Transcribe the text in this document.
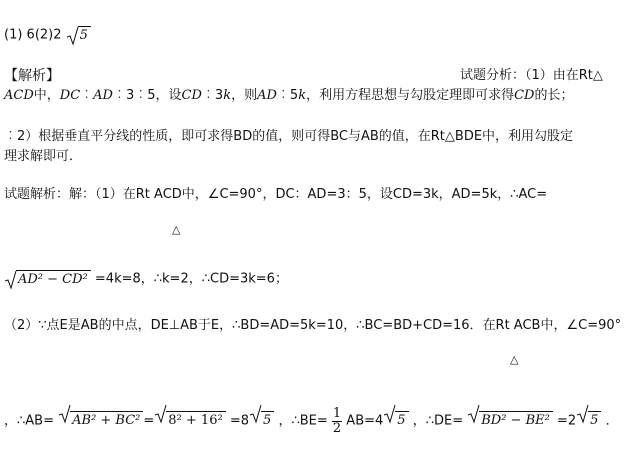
(1) 6(2)2 5
【解析】	试题分析：（1）由在Rt△
ACD中，DC︰AD︰3︰5，设CD︰3k，则AD︰5k，利用方程思想与勾股定理即可求得CD的长；
︰2）根据垂直平分线的性质，即可求得BD的值，则可得BC与AB的值，在Rt△BDE中，利用勾股定
理求解即可．
试题解析：解：（1）在Rt ACD中，∠C=90°，DC：AD=3：5，设CD=3k，AD=5k，∴AC=
△
AD² − CD² =4k=8，∴k=2，∴CD=3k=6；
（2）∵点E是AB的中点，DE⊥AB于E，∴BD=AD=5k=10，∴BC=BD+CD=16．在Rt ACB中，∠C=90°
△
，∴AB= AB² + BC² = 8² + 16² =8 5 ，∴BE= $\frac{1}{2} AB=4$ 5 ，∴DE= BD² − BE² =2 5 ．
